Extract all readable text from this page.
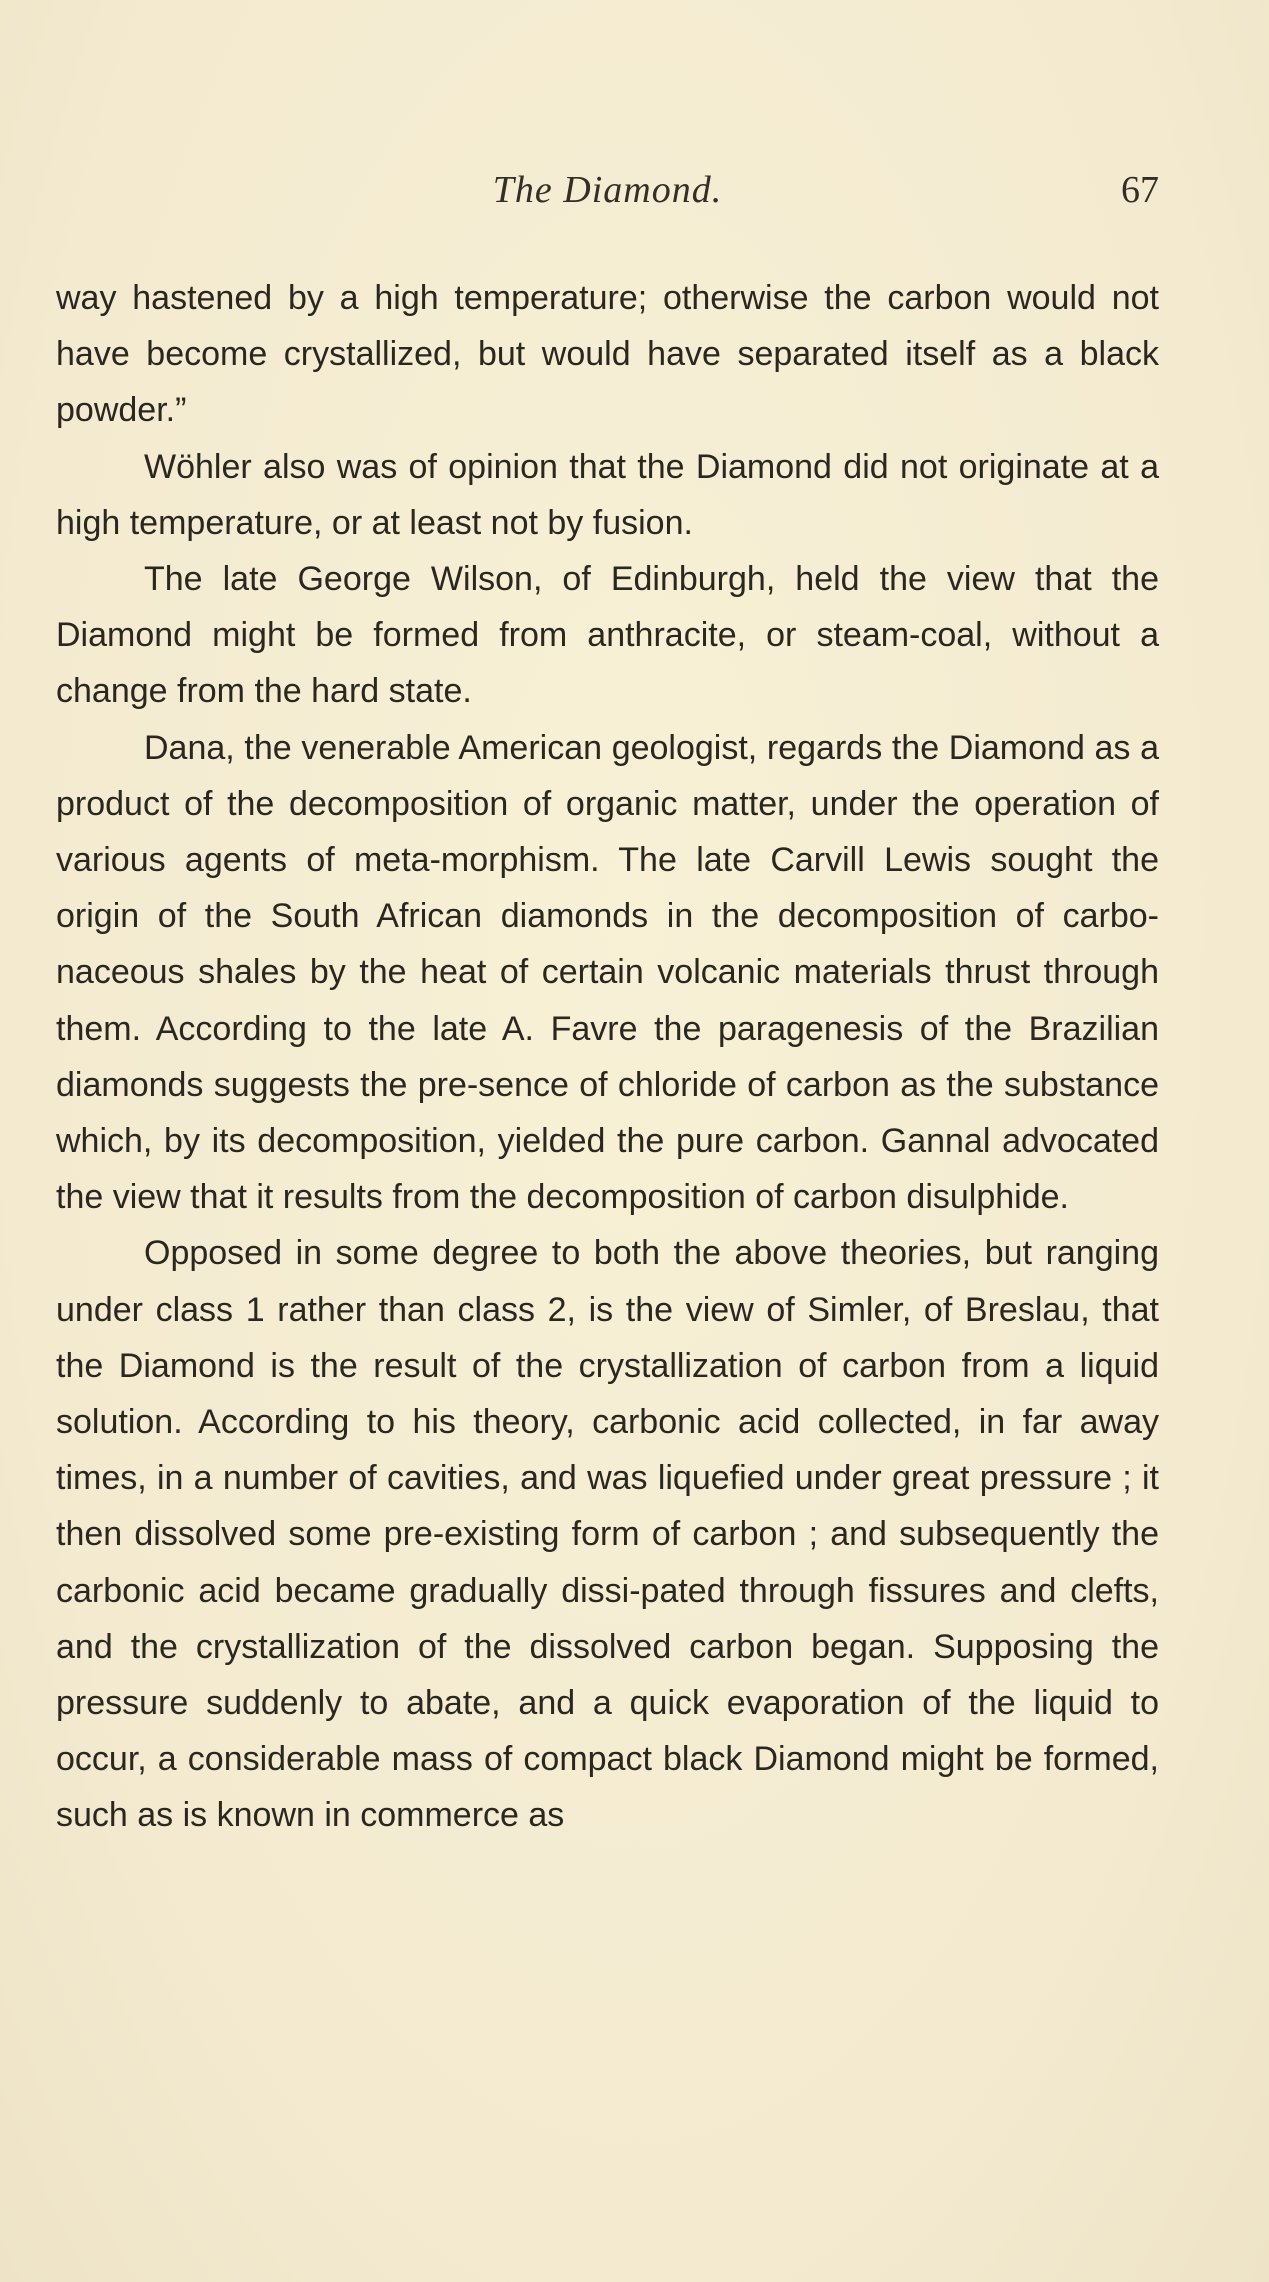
The Diamond.	67

way hastened by a high temperature; otherwise the carbon would not have become crystallized, but would have separated itself as a black powder.”

Wöhler also was of opinion that the Diamond did not originate at a high temperature, or at least not by fusion.

The late George Wilson, of Edinburgh, held the view that the Diamond might be formed from anthracite, or steam-coal, without a change from the hard state.

Dana, the venerable American geologist, regards the Diamond as a product of the decomposition of organic matter, under the operation of various agents of meta-morphism. The late Carvill Lewis sought the origin of the South African diamonds in the decomposition of carbo-naceous shales by the heat of certain volcanic materials thrust through them. According to the late A. Favre the paragenesis of the Brazilian diamonds suggests the pre-sence of chloride of carbon as the substance which, by its decomposition, yielded the pure carbon. Gannal advocated the view that it results from the decomposition of carbon disulphide.

Opposed in some degree to both the above theories, but ranging under class 1 rather than class 2, is the view of Simler, of Breslau, that the Diamond is the result of the crystallization of carbon from a liquid solution. According to his theory, carbonic acid collected, in far away times, in a number of cavities, and was liquefied under great pressure ; it then dissolved some pre-existing form of carbon ; and subsequently the carbonic acid became gradually dissi-pated through fissures and clefts, and the crystallization of the dissolved carbon began. Supposing the pressure suddenly to abate, and a quick evaporation of the liquid to occur, a considerable mass of compact black Diamond might be formed, such as is known in commerce as
